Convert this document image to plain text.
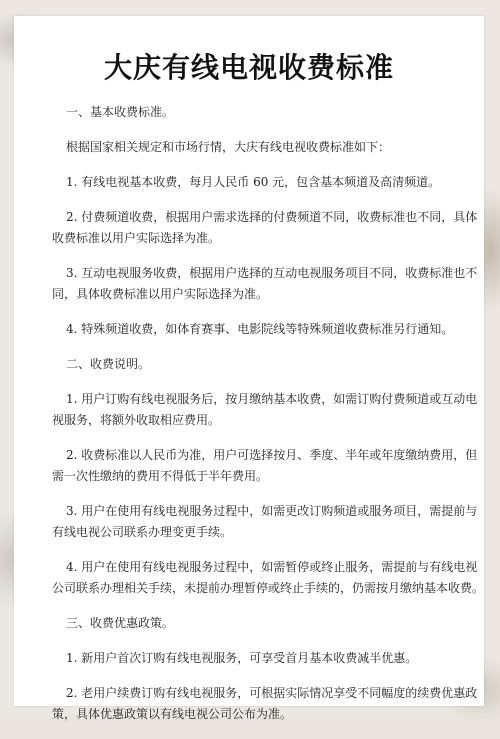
大庆有线电视收费标准

一、基本收费标准。

根据国家相关规定和市场行情，大庆有线电视收费标准如下：

1. 有线电视基本收费，每月人民币 60 元，包含基本频道及高清频道。

2. 付费频道收费，根据用户需求选择的付费频道不同，收费标准也不同，具体收费标准以用户实际选择为准。

3. 互动电视服务收费，根据用户选择的互动电视服务项目不同，收费标准也不同，具体收费标准以用户实际选择为准。

4. 特殊频道收费，如体育赛事、电影院线等特殊频道收费标准另行通知。

二、收费说明。

1. 用户订购有线电视服务后，按月缴纳基本收费，如需订购付费频道或互动电视服务，将额外收取相应费用。

2. 收费标准以人民币为准，用户可选择按月、季度、半年或年度缴纳费用，但需一次性缴纳的费用不得低于半年费用。

3. 用户在使用有线电视服务过程中，如需更改订购频道或服务项目，需提前与有线电视公司联系办理变更手续。

4. 用户在使用有线电视服务过程中，如需暂停或终止服务，需提前与有线电视公司联系办理相关手续，未提前办理暂停或终止手续的，仍需按月缴纳基本收费。

三、收费优惠政策。

1. 新用户首次订购有线电视服务，可享受首月基本收费减半优惠。

2. 老用户续费订购有线电视服务，可根据实际情况享受不同幅度的续费优惠政策，具体优惠政策以有线电视公司公布为准。
